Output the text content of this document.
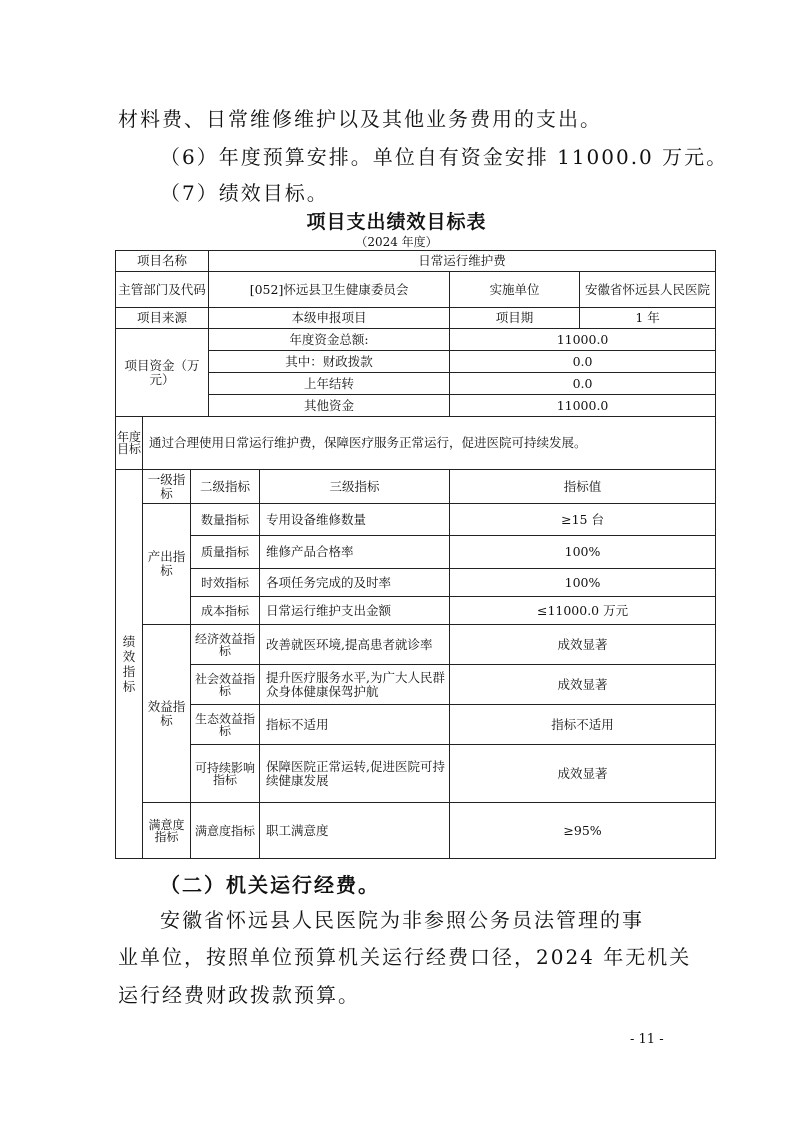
材料费、日常维修维护以及其他业务费用的支出。
（6）年度预算安排。单位自有资金安排 11000.0 万元。
（7）绩效目标。
项目支出绩效目标表
（2024 年度）
项目名称			日常运行维护费			
主管部门及代码			[052]怀远县卫生健康委员会		实施单位	安徽省怀远县人民医院
项目来源			本级申报项目		项目期	1 年
项目资金（万元）			年度资金总额:		11000.0	
			其中：财政拨款		0.0	
			上年结转		0.0	
			其他资金		11000.0	
年度目标	通过合理使用日常运行维护费，保障医疗服务正常运行，促进医院可持续发展。					
绩效指标	一级指标	二级指标		三级指标	指标值	
	产出指标	数量指标		专用设备维修数量	≥15 台	
		质量指标		维修产品合格率	100%	
		时效指标		各项任务完成的及时率	100%	
		成本指标		日常运行维护支出金额	≤11000.0 万元	
	效益指标	经济效益指标		改善就医环境,提高患者就诊率	成效显著	
		社会效益指标		提升医疗服务水平,为广大人民群众身体健康保驾护航	成效显著	
		生态效益指标		指标不适用	指标不适用	
		可持续影响指标		保障医院正常运转,促进医院可持续健康发展	成效显著	
	满意度指标	满意度指标		职工满意度	≥95%	
（二）机关运行经费。
安徽省怀远县人民医院为非参照公务员法管理的事
业单位，按照单位预算机关运行经费口径，2024 年无机关
运行经费财政拨款预算。
- 11 -
